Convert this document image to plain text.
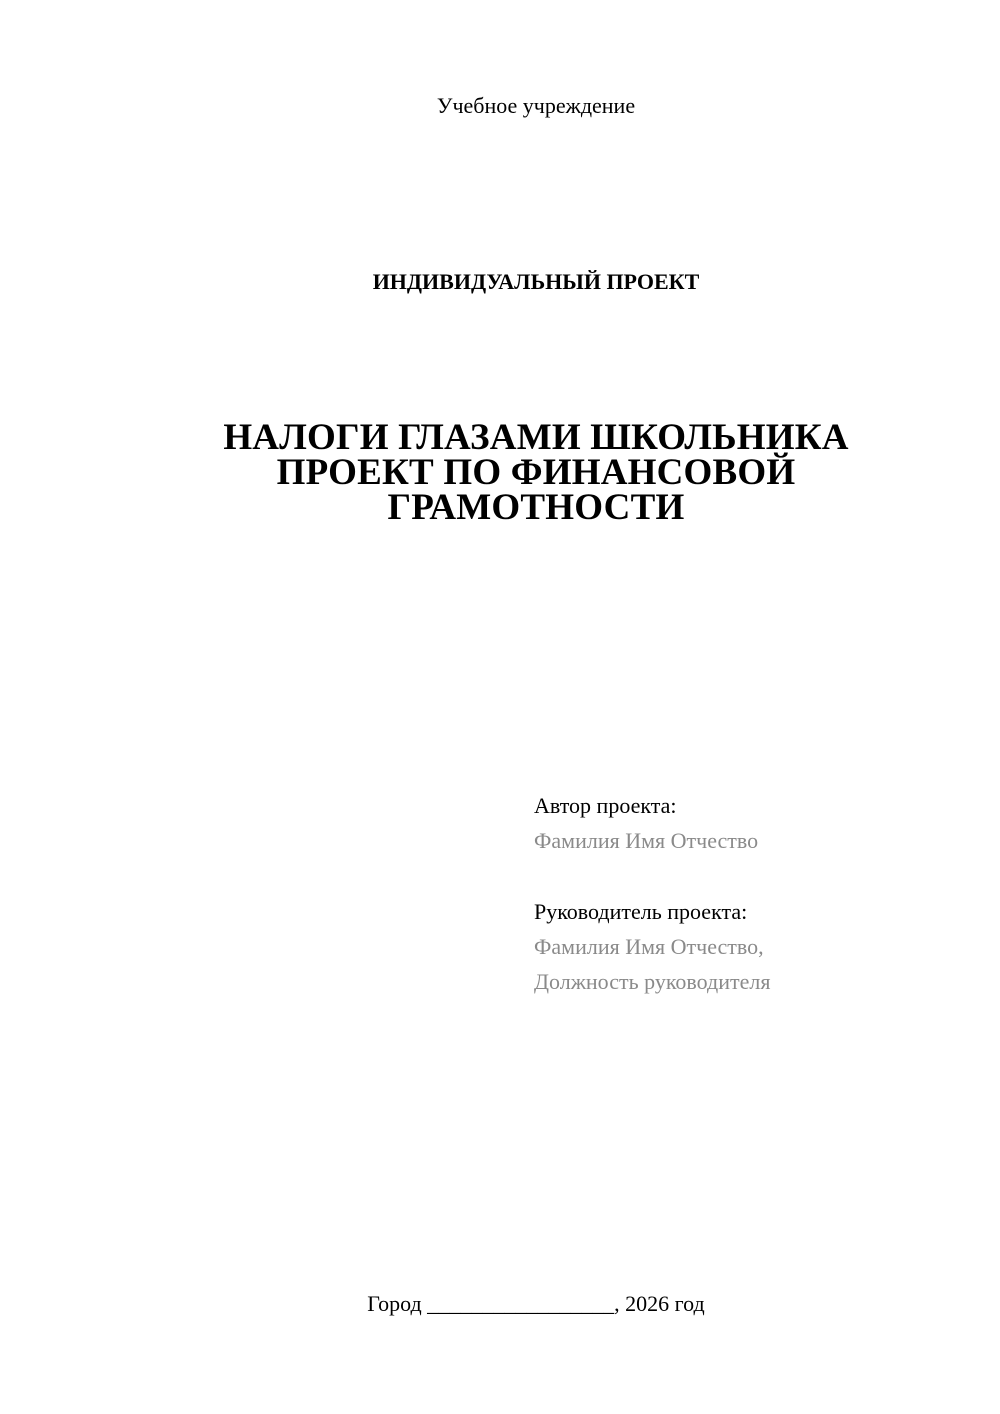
Учебное учреждение
ИНДИВИДУАЛЬНЫЙ ПРОЕКТ
НАЛОГИ ГЛАЗАМИ ШКОЛЬНИКА
ПРОЕКТ ПО ФИНАНСОВОЙ
ГРАМОТНОСТИ
Автор проекта:
Фамилия Имя Отчество
Руководитель проекта:
Фамилия Имя Отчество,
Должность руководителя
Город _________________, 2026 год
